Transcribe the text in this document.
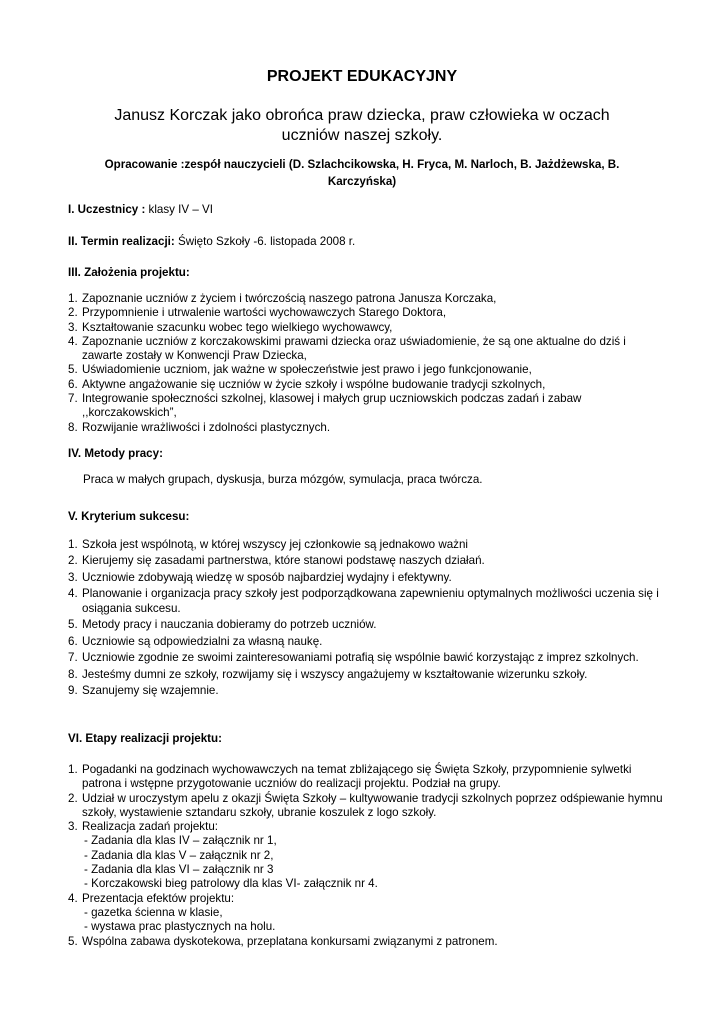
PROJEKT EDUKACYJNY
Janusz Korczak jako obrońca praw dziecka, praw człowieka w oczach uczniów naszej szkoły.

Opracowanie :zespół nauczycieli (D. Szlachcikowska, H. Fryca, M. Narloch, B. Jażdżewska, B. Karczyńska)

I. Uczestnicy : klasy IV – VI

II. Termin realizacji: Święto Szkoły -6. listopada 2008 r.

III. Założenia projektu:

1. Zapoznanie uczniów z życiem i twórczością naszego patrona Janusza Korczaka,
2. Przypomnienie i utrwalenie wartości wychowawczych Starego Doktora,
3. Kształtowanie szacunku wobec tego wielkiego wychowawcy,
4. Zapoznanie uczniów z korczakowskimi prawami dziecka oraz uświadomienie, że są one aktualne do dziś i zawarte zostały w Konwencji Praw Dziecka,
5. Uświadomienie uczniom, jak ważne w społeczeństwie jest prawo i jego funkcjonowanie,
6. Aktywne angażowanie się uczniów w życie szkoły i wspólne budowanie tradycji szkolnych,
7. Integrowanie społeczności szkolnej, klasowej i małych grup uczniowskich podczas zadań i zabaw ,,korczakowskich”,
8. Rozwijanie wrażliwości i zdolności plastycznych.

IV. Metody pracy:

Praca w małych grupach, dyskusja, burza mózgów, symulacja, praca twórcza.

V. Kryterium sukcesu:

1. Szkoła jest wspólnotą, w której wszyscy jej członkowie są jednakowo ważni
2. Kierujemy się zasadami partnerstwa, które stanowi podstawę naszych działań.
3. Uczniowie zdobywają wiedzę w sposób najbardziej wydajny i efektywny.
4. Planowanie i organizacja pracy szkoły jest podporządkowana zapewnieniu optymalnych możliwości uczenia się i osiągania sukcesu.
5. Metody pracy i nauczania dobieramy do potrzeb uczniów.
6. Uczniowie są odpowiedzialni za własną naukę.
7. Uczniowie zgodnie ze swoimi zainteresowaniami potrafią się wspólnie bawić korzystając z imprez szkolnych.
8. Jesteśmy dumni ze szkoły, rozwijamy się i wszyscy angażujemy w kształtowanie wizerunku szkoły.
9. Szanujemy się wzajemnie.

VI. Etapy realizacji projektu:

1. Pogadanki na godzinach wychowawczych na temat zbliżającego się Święta Szkoły, przypomnienie sylwetki patrona i wstępne przygotowanie uczniów do realizacji projektu. Podział na grupy.
2. Udział w uroczystym apelu z okazji Święta Szkoły – kultywowanie tradycji szkolnych poprzez odśpiewanie hymnu szkoły, wystawienie sztandaru szkoły, ubranie koszulek z logo szkoły.
3. Realizacja zadań projektu:
- Zadania dla klas IV – załącznik nr 1,
- Zadania dla klas V – załącznik nr 2,
- Zadania dla klas VI – załącznik nr 3
- Korczakowski bieg patrolowy dla klas VI- załącznik nr 4.
4. Prezentacja efektów projektu:
- gazetka ścienna w klasie,
- wystawa prac plastycznych na holu.
5. Wspólna zabawa dyskotekowa, przeplatana konkursami związanymi z patronem.
